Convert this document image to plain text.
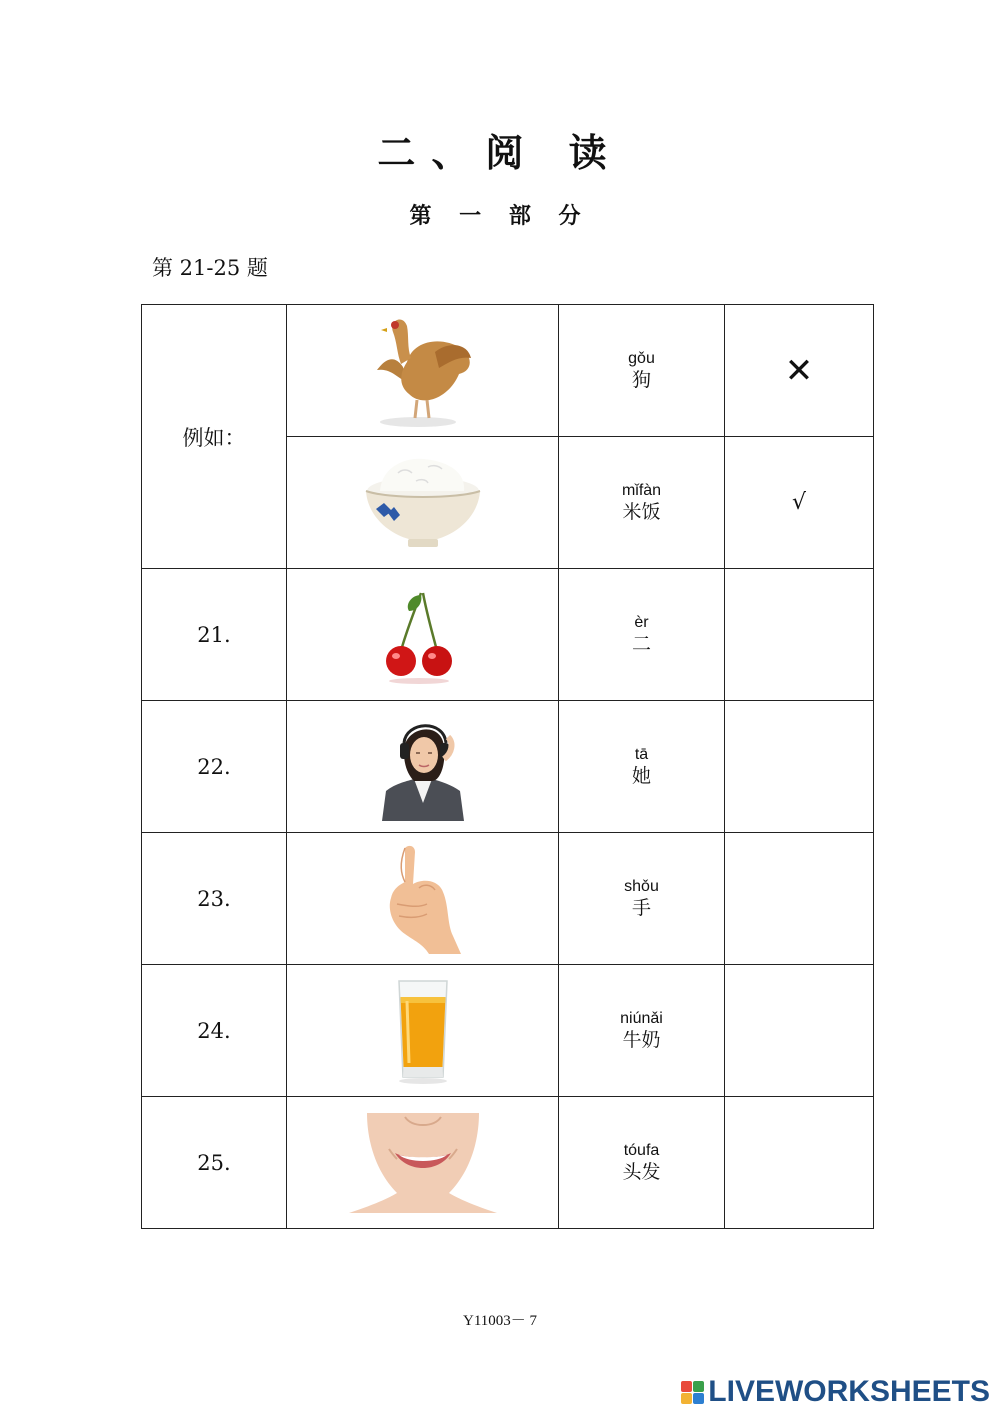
二、阅 读
第 一 部 分
第 21-25 题
例如：		gǒu
狗	✕

mǐfàn
米饭	√
21.		èr
二	

22.		tā
她	

23.		shǒu
手	

24.		niúnǎi
牛奶	

25.		tóufa
头发	

Y11003－ 7
LIVEWORKSHEETS
